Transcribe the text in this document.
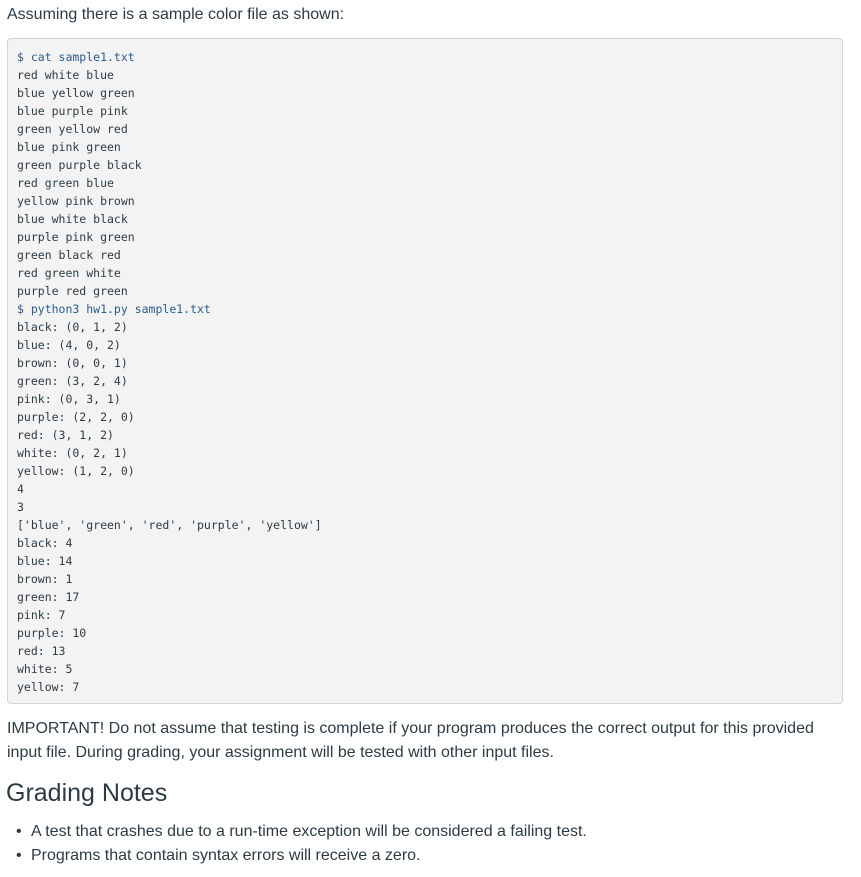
Assuming there is a sample color file as shown:

$ cat sample1.txt
red white blue
blue yellow green
blue purple pink
green yellow red
blue pink green
green purple black
red green blue
yellow pink brown
blue white black
purple pink green
green black red
red green white
purple red green
$ python3 hw1.py sample1.txt
black: (0, 1, 2)
blue: (4, 0, 2)
brown: (0, 0, 1)
green: (3, 2, 4)
pink: (0, 3, 1)
purple: (2, 2, 0)
red: (3, 1, 2)
white: (0, 2, 1)
yellow: (1, 2, 0)
4
3
['blue', 'green', 'red', 'purple', 'yellow']
black: 4
blue: 14
brown: 1
green: 17
pink: 7
purple: 10
red: 13
white: 5
yellow: 7

IMPORTANT! Do not assume that testing is complete if your program produces the correct output for this provided input file. During grading, your assignment will be tested with other input files.

Grading Notes
• A test that crashes due to a run-time exception will be considered a failing test.
• Programs that contain syntax errors will receive a zero.
